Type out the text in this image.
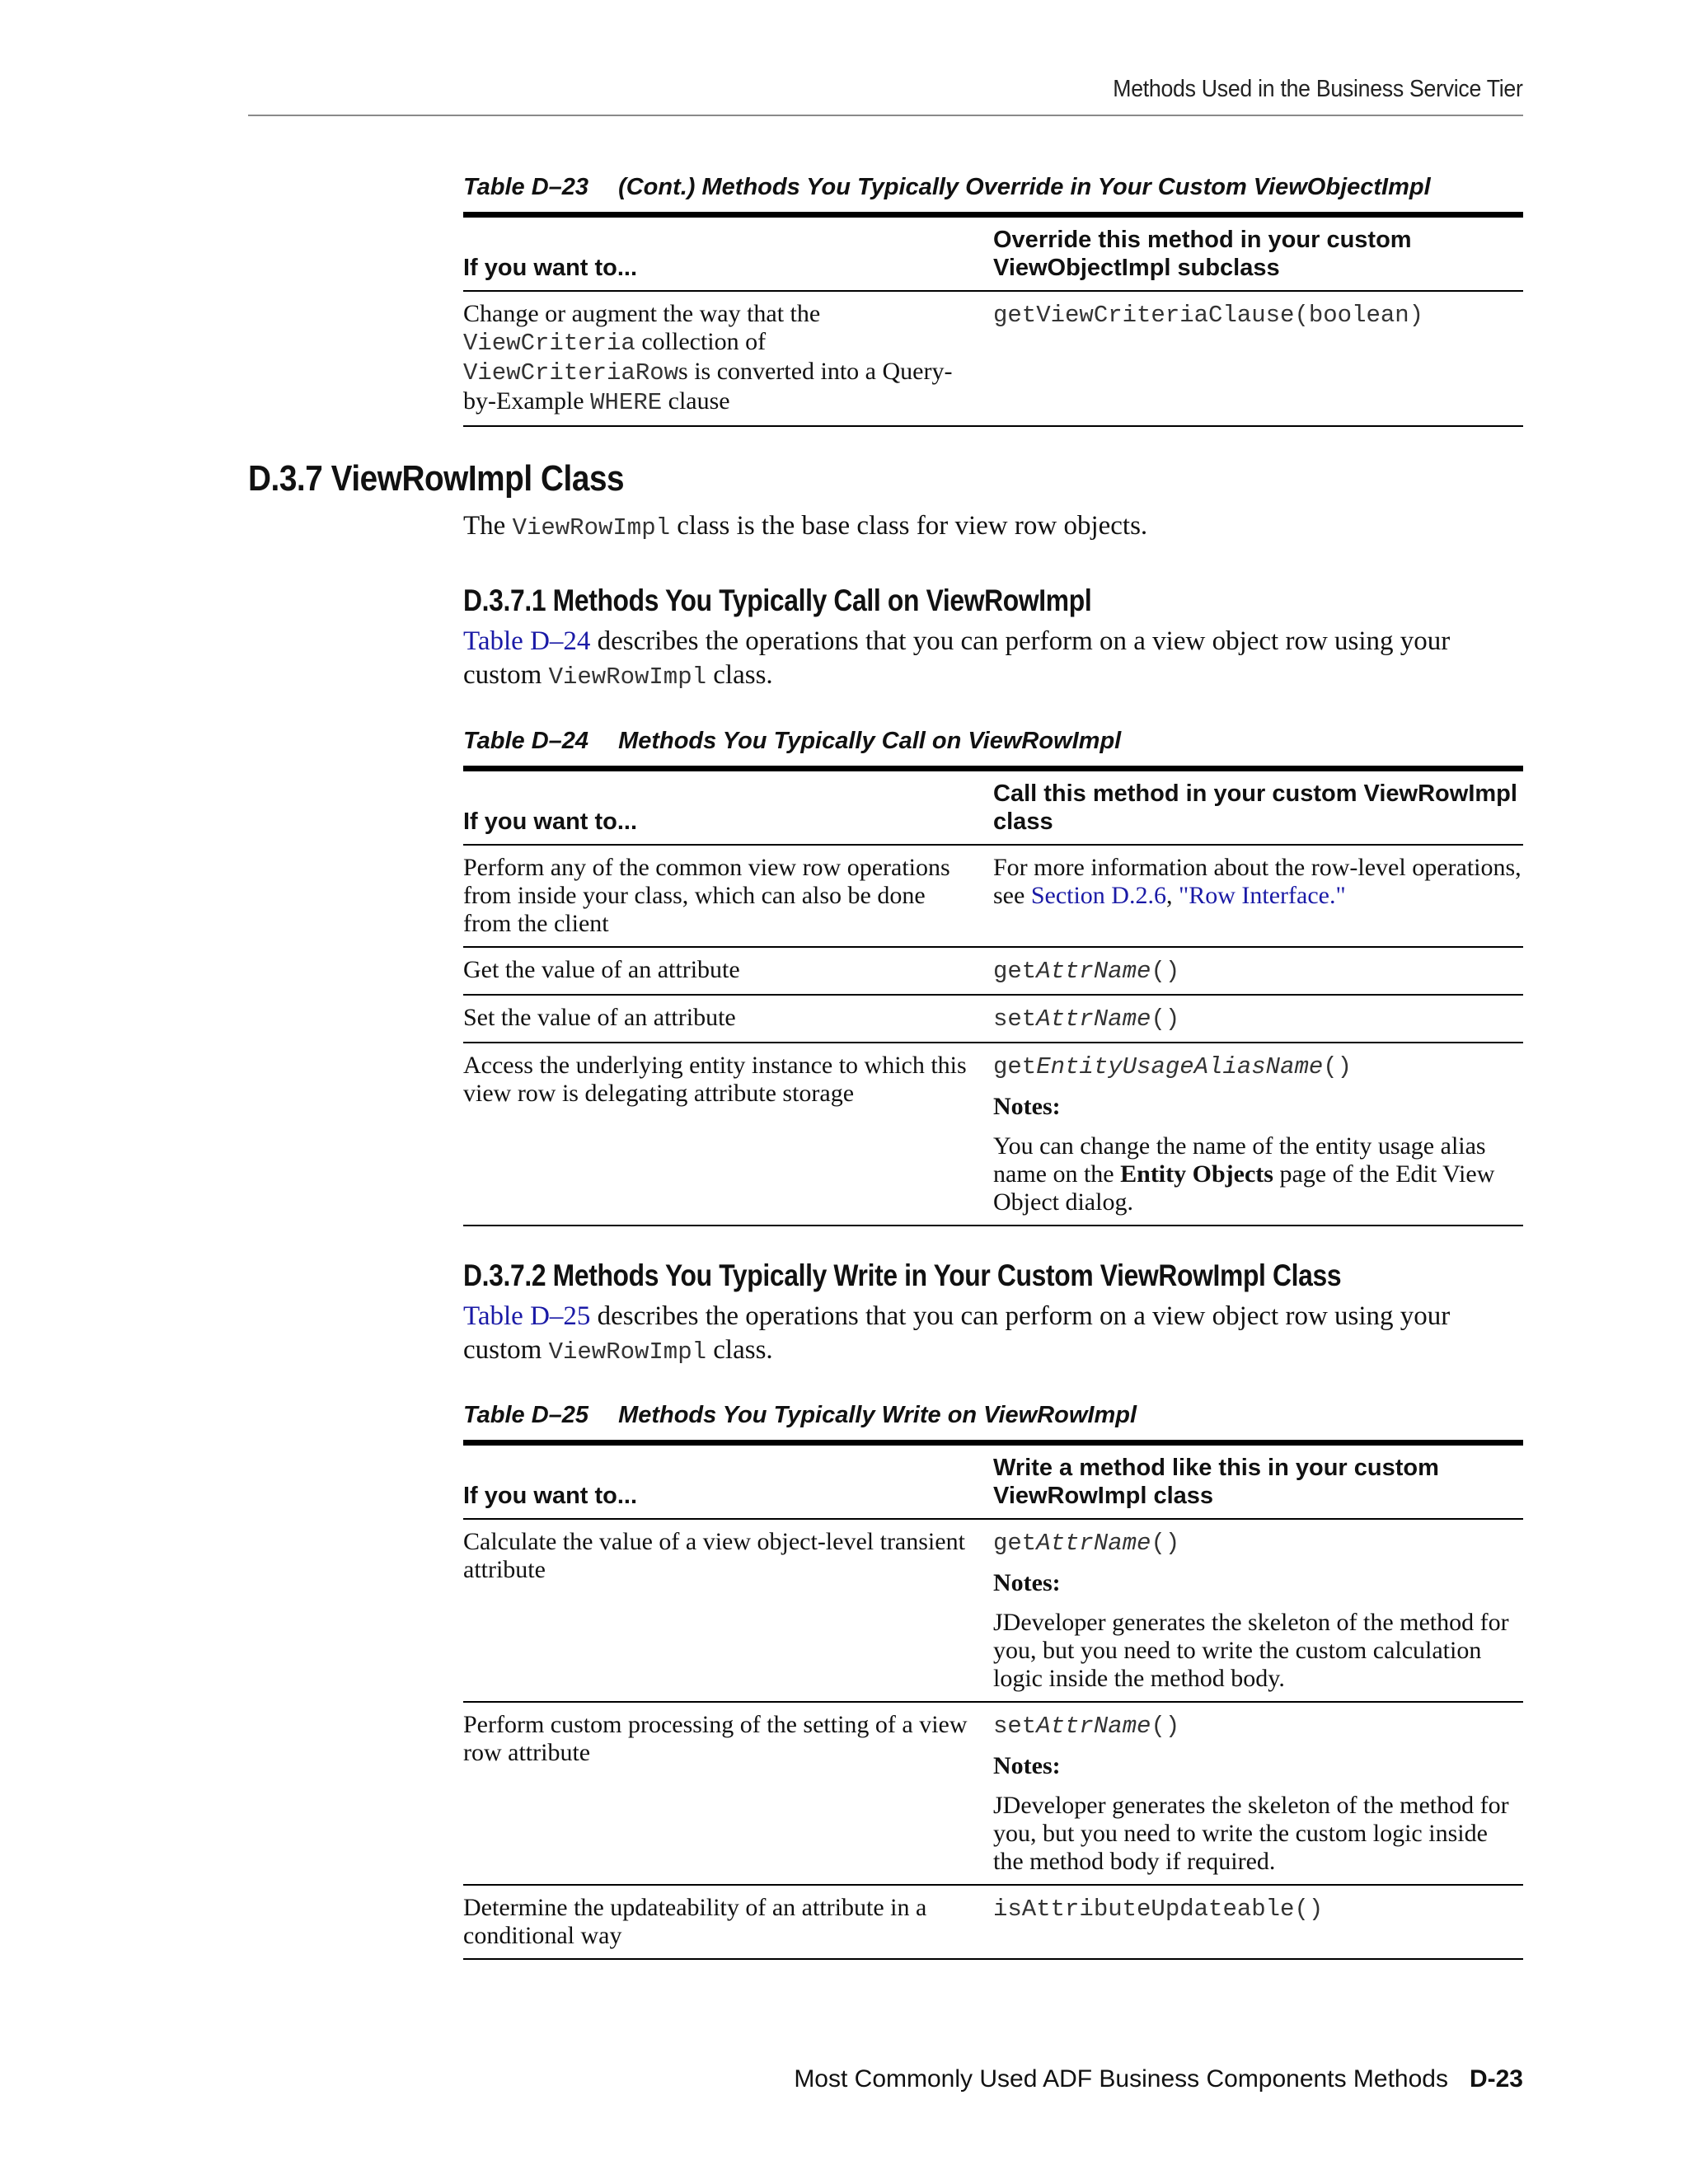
Methods Used in the Business Service Tier
Table D–23 (Cont.) Methods You Typically Override in Your Custom ViewObjectImpl
If you want to...	Override this method in your custom ViewObjectImpl subclass
Change or augment the way that the ViewCriteria collection of ViewCriteriaRows is converted into a Query-by-Example WHERE clause	getViewCriteriaClause(boolean)
D.3.7 ViewRowImpl Class

The ViewRowImpl class is the base class for view row objects.

D.3.7.1 Methods You Typically Call on ViewRowImpl

Table D–24 describes the operations that you can perform on a view object row using your custom ViewRowImpl class.

Table D–24 Methods You Typically Call on ViewRowImpl
If you want to...	Call this method in your custom ViewRowImpl class
Perform any of the common view row operations from inside your class, which can also be done from the client	For more information about the row-level operations, see Section D.2.6, "Row Interface."
Get the value of an attribute	getAttrName()
Set the value of an attribute	setAttrName()
Access the underlying entity instance to which this view row is delegating attribute storage	getEntityUsageAliasName()
Notes:
You can change the name of the entity usage alias name on the Entity Objects page of the Edit View Object dialog.
D.3.7.2 Methods You Typically Write in Your Custom ViewRowImpl Class

Table D–25 describes the operations that you can perform on a view object row using your custom ViewRowImpl class.

Table D–25 Methods You Typically Write on ViewRowImpl
If you want to...	Write a method like this in your custom ViewRowImpl class
Calculate the value of a view object-level transient attribute	getAttrName()
Notes:
JDeveloper generates the skeleton of the method for you, but you need to write the custom calculation logic inside the method body.

Perform custom processing of the setting of a view row attribute	setAttrName()
Notes:
JDeveloper generates the skeleton of the method for you, but you need to write the custom logic inside the method body if required.

Determine the updateability of an attribute in a conditional way	isAttributeUpdateable()
Most Commonly Used ADF Business Components Methods D-23
